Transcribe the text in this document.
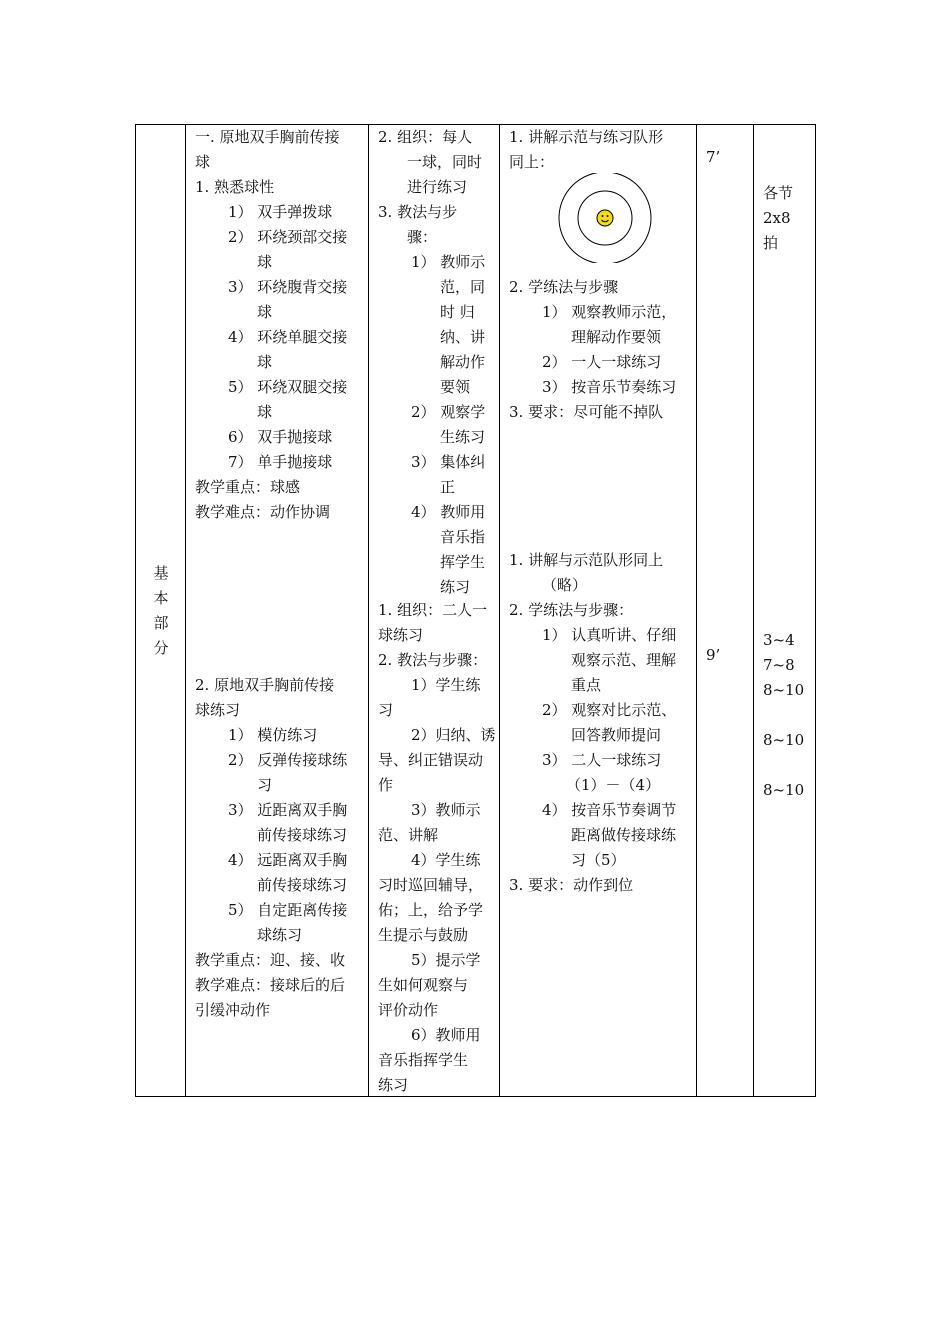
基
本
部
分
一. 原地双手胸前传接
球
1. 熟悉球性
1） 双手弹拨球
2） 环绕颈部交接
球
3） 环绕腹背交接
球
4） 环绕单腿交接
球
5） 环绕双腿交接
球
6） 双手抛接球
7） 单手抛接球
教学重点：球感
教学难点：动作协调
2. 原地双手胸前传接
球练习
1） 模仿练习
2） 反弹传接球练
习
3） 近距离双手胸
前传接球练习
4） 远距离双手胸
前传接球练习
5） 自定距离传接
球练习
教学重点：迎、接、收
教学难点：接球后的后
引缓冲动作
2. 组织：每人
一球，同时
进行练习
3. 教法与步
骤：
1） 教师示
范，同
时 归
纳、讲
解动作
要领
2） 观察学
生练习
3） 集体纠
正
4） 教师用
音乐指
挥学生
练习
1. 组织：二人一
球练习
2. 教法与步骤：
1）学生练
习
2）归纳、诱
导、纠正错误动
作
3）教师示
范、讲解
4）学生练
习时巡回辅导，
佑；上，给予学
生提示与鼓励
5）提示学
生如何观察与
评价动作
6）教师用
音乐指挥学生
练习
1. 讲解示范与练习队形
同上：
2. 学练法与步骤
1） 观察教师示范，
理解动作要领
2） 一人一球练习
3） 按音乐节奏练习
3. 要求：尽可能不掉队
1. 讲解与示范队形同上
（略）
2. 学练法与步骤：
1） 认真听讲、仔细
观察示范、理解
重点
2） 观察对比示范、
回答教师提问
3） 二人一球练习
（1）－（4）
4） 按音乐节奏调节
距离做传接球练
习（5）
3. 要求：动作到位
7’
9’
各节
2x8
拍
3~4
7~8
8~10
8~10
8~10
